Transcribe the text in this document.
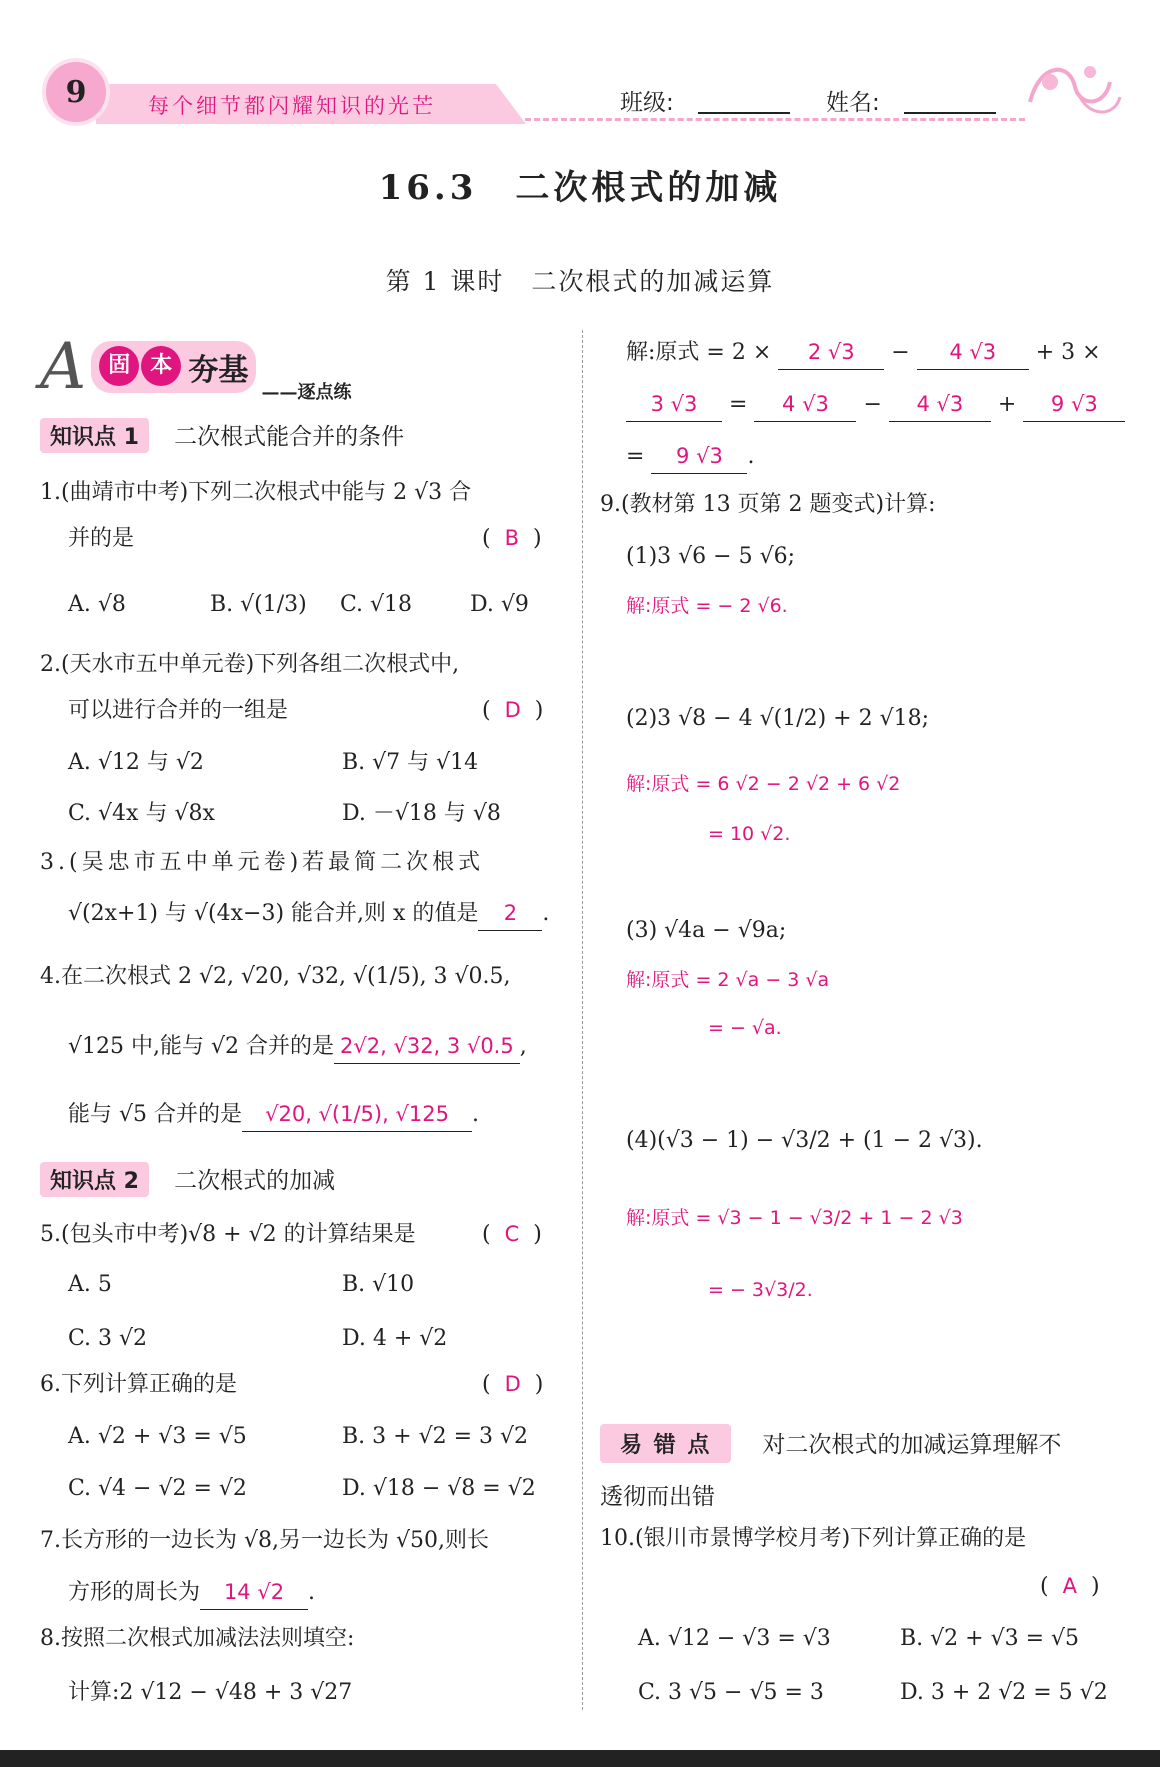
9	每个细节都闪耀知识的光芒	班级:	姓名:
16.3　二次根式的加减
第 1 课时　二次根式的加减运算
A 固 本 夯基 ——逐点练
知识点 1 二次根式能合并的条件
1.(曲靖市中考)下列二次根式中能与 2 √3 合
并的是	(  B  )
A. √8	B. √(1/3) C. √18	D. √9
2.(天水市五中单元卷)下列各组二次根式中,
可以进行合并的一组是	(  D  )
A. √12 与 √2	B. √7 与 √14
C. √4x 与 √8x	D. －√18 与 √8
3.(吴忠市五中单元卷)若最简二次根式
√(2x+1) 与 √(4x−3) 能合并,则 x 的值是 2 .
4.在二次根式 2 √2, √20, √32, √(1/5), 3 √0.5,
√125 中,能与 √2 合并的是 2√2, √32, 3 √0.5 ,
能与 √5 合并的是 √20, √(1/5), √125 .
知识点 2 二次根式的加减
5.(包头市中考)√8 + √2 的计算结果是	(  C  )
A. 5	B. √10
C. 3 √2	D. 4 + √2
6.下列计算正确的是	(  D  )
A. √2 + √3 = √5	B. 3 + √2 = 3 √2
C. √4 − √2 = √2	D. √18 − √8 = √2
7.长方形的一边长为 √8,另一边长为 √50,则长
方形的周长为 14 √2 .
8.按照二次根式加减法法则填空:
计算:2 √12 − √48 + 3 √27
解:原式 = 2 × 2 √3 − 4 √3 + 3 ×
3 √3 = 4 √3 − 4 √3 + 9 √3
= 9 √3 .
9.(教材第 13 页第 2 题变式)计算:
(1)3 √6 − 5 √6;
解:原式 = − 2 √6.
(2)3 √8 − 4 √(1/2) + 2 √18;
解:原式 = 6 √2 − 2 √2 + 6 √2
= 10 √2.
(3) √4a − √9a;
解:原式 = 2 √a − 3 √a
= − √a.
(4)(√3 − 1) − √3/2 + (1 − 2 √3).
解:原式 = √3 − 1 − √3/2 + 1 − 2 √3
= − 3√3/2.
易 错 点 对二次根式的加减运算理解不
透彻而出错
10.(银川市景博学校月考)下列计算正确的是
(  A  )
A. √12 − √3 = √3	B. √2 + √3 = √5
C. 3 √5 − √5 = 3	D. 3 + 2 √2 = 5 √2
